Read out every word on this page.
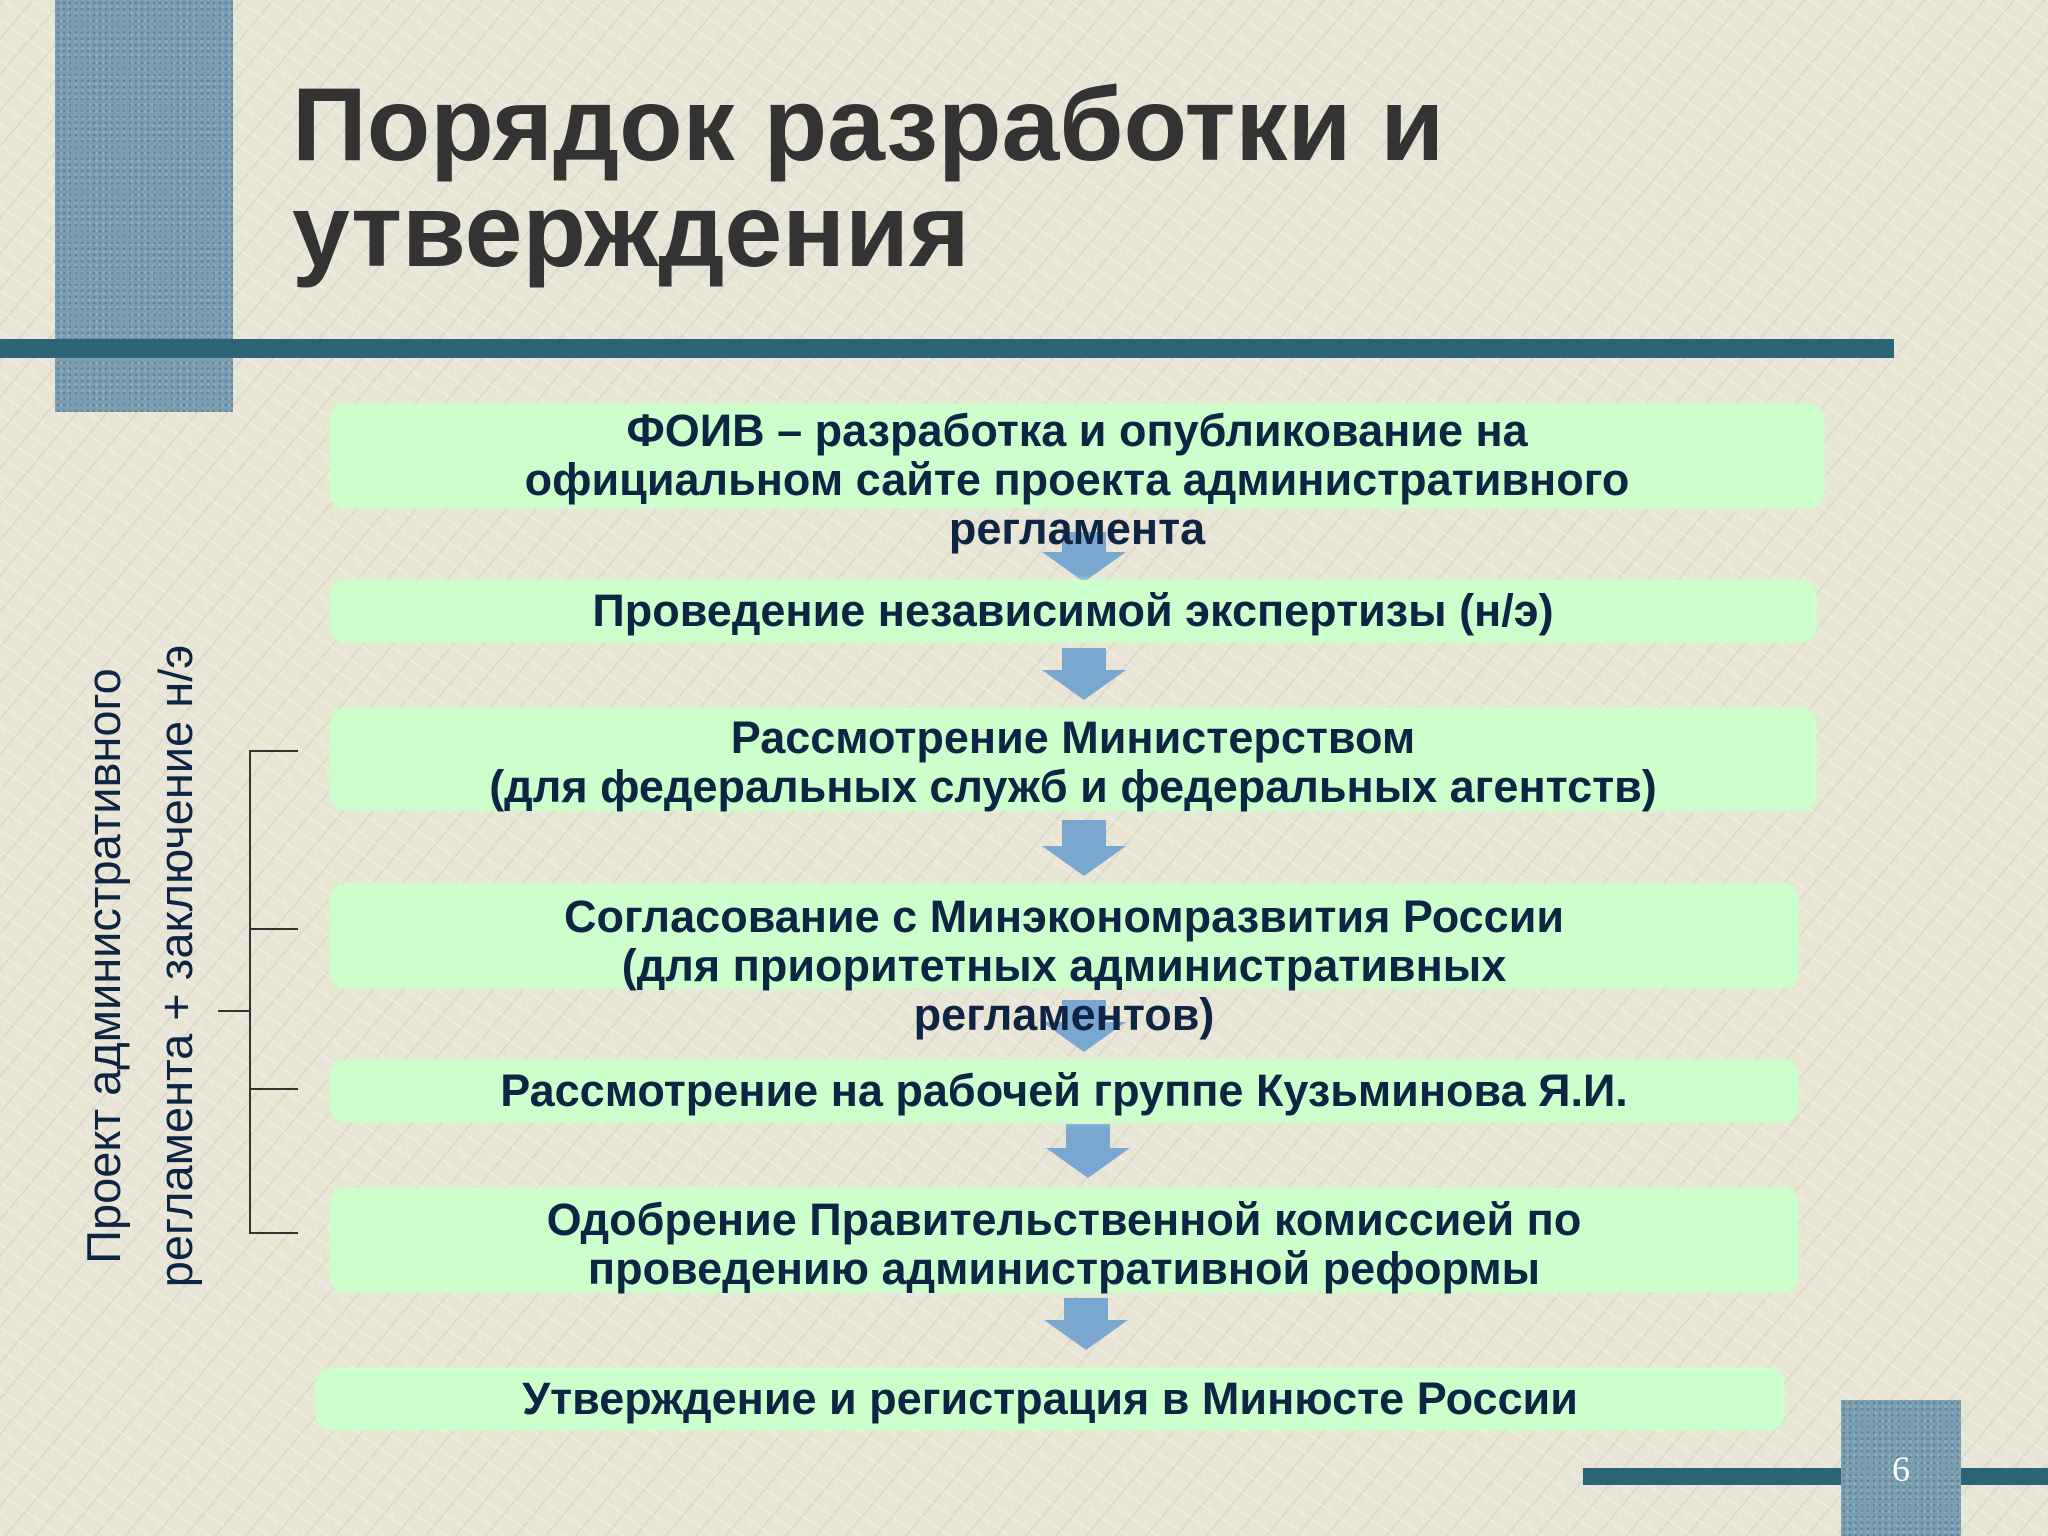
Порядок разработки и
утверждения
ФОИВ – разработка и опубликование на
официальном сайте проекта административного
регламента
Проведение независимой экспертизы (н/э)
Рассмотрение Министерством
(для федеральных служб и федеральных агентств)
Согласование с Минэкономразвития России
(для приоритетных административных
регламентов)
Рассмотрение на рабочей группе Кузьминова Я.И.
Одобрение Правительственной комиссией по
проведению административной реформы
Утверждение и регистрация в Минюсте России
Проект административного регламента + заключение н/э
6
